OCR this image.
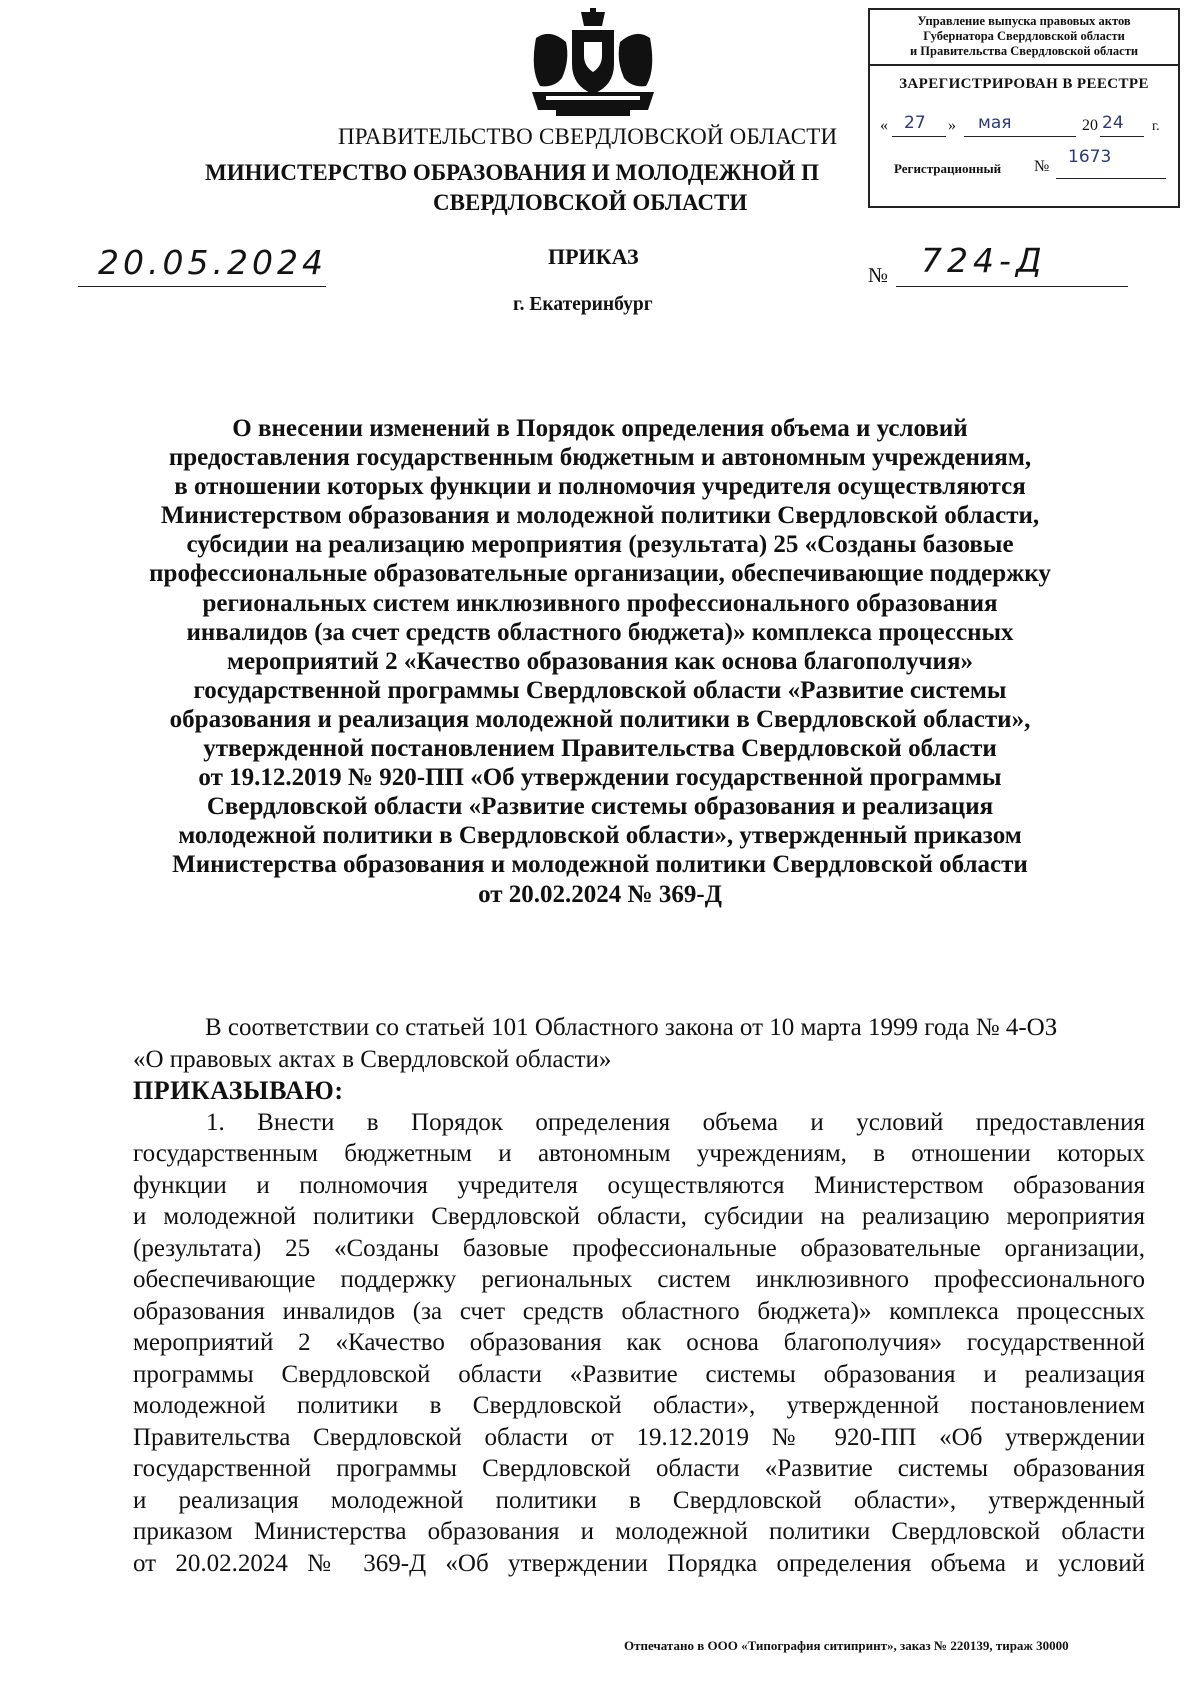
Управление выпуска правовых актов
Губернатора Свердловской области
и Правительства Свердловской области
ЗАРЕГИСТРИРОВАН В РЕЕСТРЕ
« 27 » мая	20 24 г.
Регистрационный № 1673
ПРАВИТЕЛЬСТВО СВЕРДЛОВСКОЙ ОБЛАСТИ
МИНИСТЕРСТВО ОБРАЗОВАНИЯ И МОЛОДЕЖНОЙ П
СВЕРДЛОВСКОЙ ОБЛАСТИ
ПРИКАЗ
г. Екатеринбург
20.05.2024	№ 724-Д
О внесении изменений в Порядок определения объема и условий
предоставления государственным бюджетным и автономным учреждениям,
в отношении которых функции и полномочия учредителя осуществляются
Министерством образования и молодежной политики Свердловской области,
субсидии на реализацию мероприятия (результата) 25 «Созданы базовые
профессиональные образовательные организации, обеспечивающие поддержку
региональных систем инклюзивного профессионального образования
инвалидов (за счет средств областного бюджета)» комплекса процессных
мероприятий 2 «Качество образования как основа благополучия»
государственной программы Свердловской области «Развитие системы
образования и реализация молодежной политики в Свердловской области»,
утвержденной постановлением Правительства Свердловской области
от 19.12.2019 № 920-ПП «Об утверждении государственной программы
Свердловской области «Развитие системы образования и реализация
молодежной политики в Свердловской области», утвержденный приказом
Министерства образования и молодежной политики Свердловской области
от 20.02.2024 № 369-Д
В соответствии со статьей 101 Областного закона от 10 марта 1999 года № 4-ОЗ
«О правовых актах в Свердловской области»
ПРИКАЗЫВАЮ:
1. Внести в Порядок определения объема и условий предоставления
государственным бюджетным и автономным учреждениям, в отношении которых
функции и полномочия учредителя осуществляются Министерством образования
и молодежной политики Свердловской области, субсидии на реализацию мероприятия
(результата) 25 «Созданы базовые профессиональные образовательные организации,
обеспечивающие поддержку региональных систем инклюзивного профессионального
образования инвалидов (за счет средств областного бюджета)» комплекса процессных
мероприятий 2 «Качество образования как основа благополучия» государственной
программы Свердловской области «Развитие системы образования и реализация
молодежной политики в Свердловской области», утвержденной постановлением
Правительства Свердловской области от 19.12.2019 № 920-ПП «Об утверждении
государственной программы Свердловской области «Развитие системы образования
и реализация молодежной политики в Свердловской области», утвержденный
приказом Министерства образования и молодежной политики Свердловской области
от 20.02.2024 № 369-Д «Об утверждении Порядка определения объема и условий
Отпечатано в ООО «Типография ситипринт», заказ № 220139, тираж 30000
